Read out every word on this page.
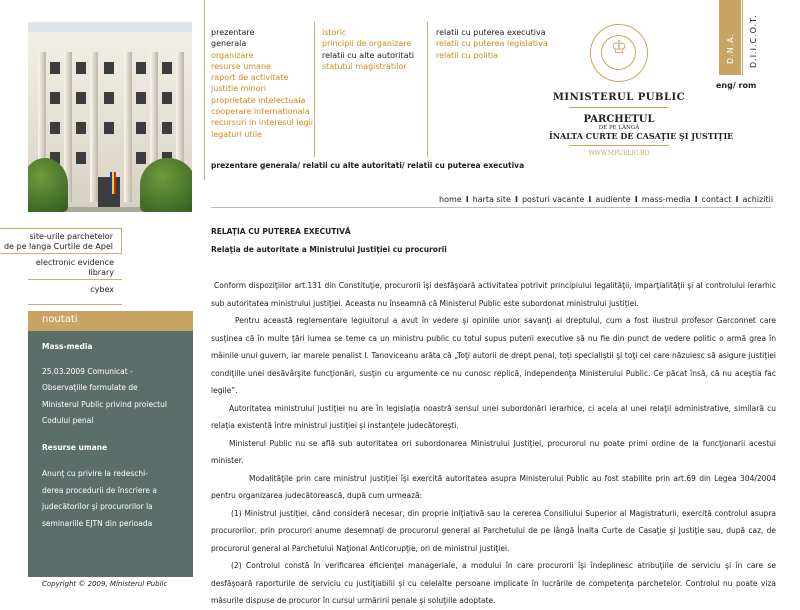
prezentare
generala
organizare
resurse umane
raport de activitate
justitie minori
proprietate intelectuala
cooperare internationala
recursuri in interesul legii
legaturi utile
istoric
principii de organizare
relatii cu alte autoritati
statutul magistratilor
relatii cu puterea executiva
relatii cu puterea legislativa
relatii cu politia
prezentare generala/ relatii cu alte autoritati/ relatii cu puterea executiva
♔
MINISTERUL PUBLIC
PARCHETUL
DE PE LÂNGĂ
ÎNALTA CURTE DE CASAŢIE ŞI JUSTIŢIE
WWW.MPUBLIC.RO
eng/ rom
D.N.A. D.I.I.C.O.T.
home I harta site I posturi vacante I audiente I mass-media I contact I achizitii
site-urile parchetelor
de pe langa Curtile de Apel
electronic evidence
library
cybex
noutati
Mass-media
25.03.2009 Comunicat -
Observaţiile formulate de
Ministerul Public privind proiectul
Codului penal
Resurse umane
Anunţ cu privire la redeschi-
derea procedurii de înscriere a
judecătorilor şi procurorilor la
seminariile EJTN din perioada
Copyright © 2009, Ministerul Public
RELAŢIA CU PUTEREA EXECUTIVĂ
Relaţia de autoritate a Ministrului Justiţiei cu procurorii

Conform dispoziţiilor art.131 din Constituţie, procurorii îşi desfăşoară activitatea potrivit principiului legalităţii, imparţialităţii şi al controlului ierarhic sub autoritatea ministrului justiţiei. Aceasta nu înseamnă că Ministerul Public este subordonat ministrului justiţiei.

Pentru această reglementare legiuitorul a avut în vedere şi opiniile unor savanţi ai dreptului, cum a fost ilustrul profesor Garconnet care susţinea că în multe ţări lumea se teme ca un ministru public cu totul supus puterii executive să nu fie din punct de vedere politic o armă grea în mâinile unui guvern, iar marele penalist I. Tanoviceanu arăta că „Toţi autorii de drept penal, toţi specialiştii şi toţi cei care năzuiesc să asigure justiţiei condiţiile unei desăvârşite funcţionări, susţin cu argumente ce nu cunosc replică, independenţa Ministerului Public. Ce păcat însă, că nu aceştia fac legile”.

Autoritatea ministrului justiţiei nu are în legislaţia noastră sensul unei subordonări ierarhice, ci acela al unei relaţii administrative, similară cu relaţia existentă între ministrul justiţiei şi instanţele judecătoreşti.

Ministerul Public nu se află sub autoritatea ori subordonarea Ministrului Justiţiei, procurorul nu poate primi ordine de la funcţionarii acestui minister.

Modalităţile prin care ministrul justiţiei îşi exercită autoritatea asupra Ministerului Public au fost stabilite prin art.69 din Legea 304/2004 pentru organizarea judecătorească, după cum urmează:

(1) Ministrul justiţiei, când consideră necesar, din proprie iniţiativă sau la cererea Consiliului Superior al Magistraturii, exercită controlul asupra procurorilor, prin procurori anume desemnaţi de procurorul general al Parchetului de pe lângă Înalta Curte de Casaţie şi Justiţie sau, după caz, de procurorul general al Parchetului Naţional Anticorupţie, ori de ministrul justiţiei.

(2) Controlul constă în verificarea eficienţei manageriale, a modului în care procurorii îşi îndeplinesc atribuţiile de serviciu şi în care se desfăşoară raporturile de serviciu cu justiţiabilii şi cu celelalte persoane implicate în lucrările de competenţa parchetelor. Controlul nu poate viza măsurile dispuse de procuror în cursul urmăririi penale şi soluţiile adoptate.
